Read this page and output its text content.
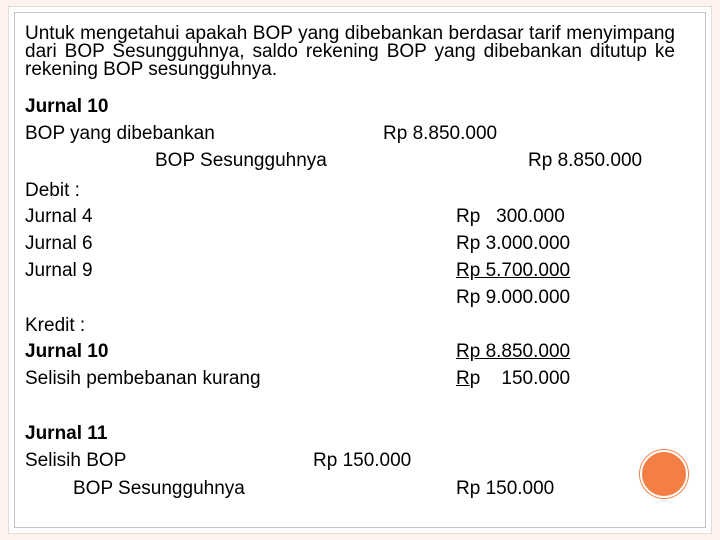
Untuk mengetahui apakah BOP yang dibebankan berdasar tarif menyimpang dari BOP Sesungguhnya, saldo rekening BOP yang dibebankan ditutup ke rekening BOP sesungguhnya.
Jurnal 10
BOP yang dibebankan	Rp 8.850.000
BOP Sesungguhnya	Rp 8.850.000
Debit :
Jurnal 4	Rp   300.000
Jurnal 6	Rp 3.000.000
Jurnal 9	Rp 5.700.000
Rp 9.000.000
Kredit :
Jurnal 10	Rp 8.850.000
Selisih pembebanan kurang	Rp    150.000
Jurnal 11
Selisih BOP	Rp 150.000
BOP Sesungguhnya	Rp 150.000
